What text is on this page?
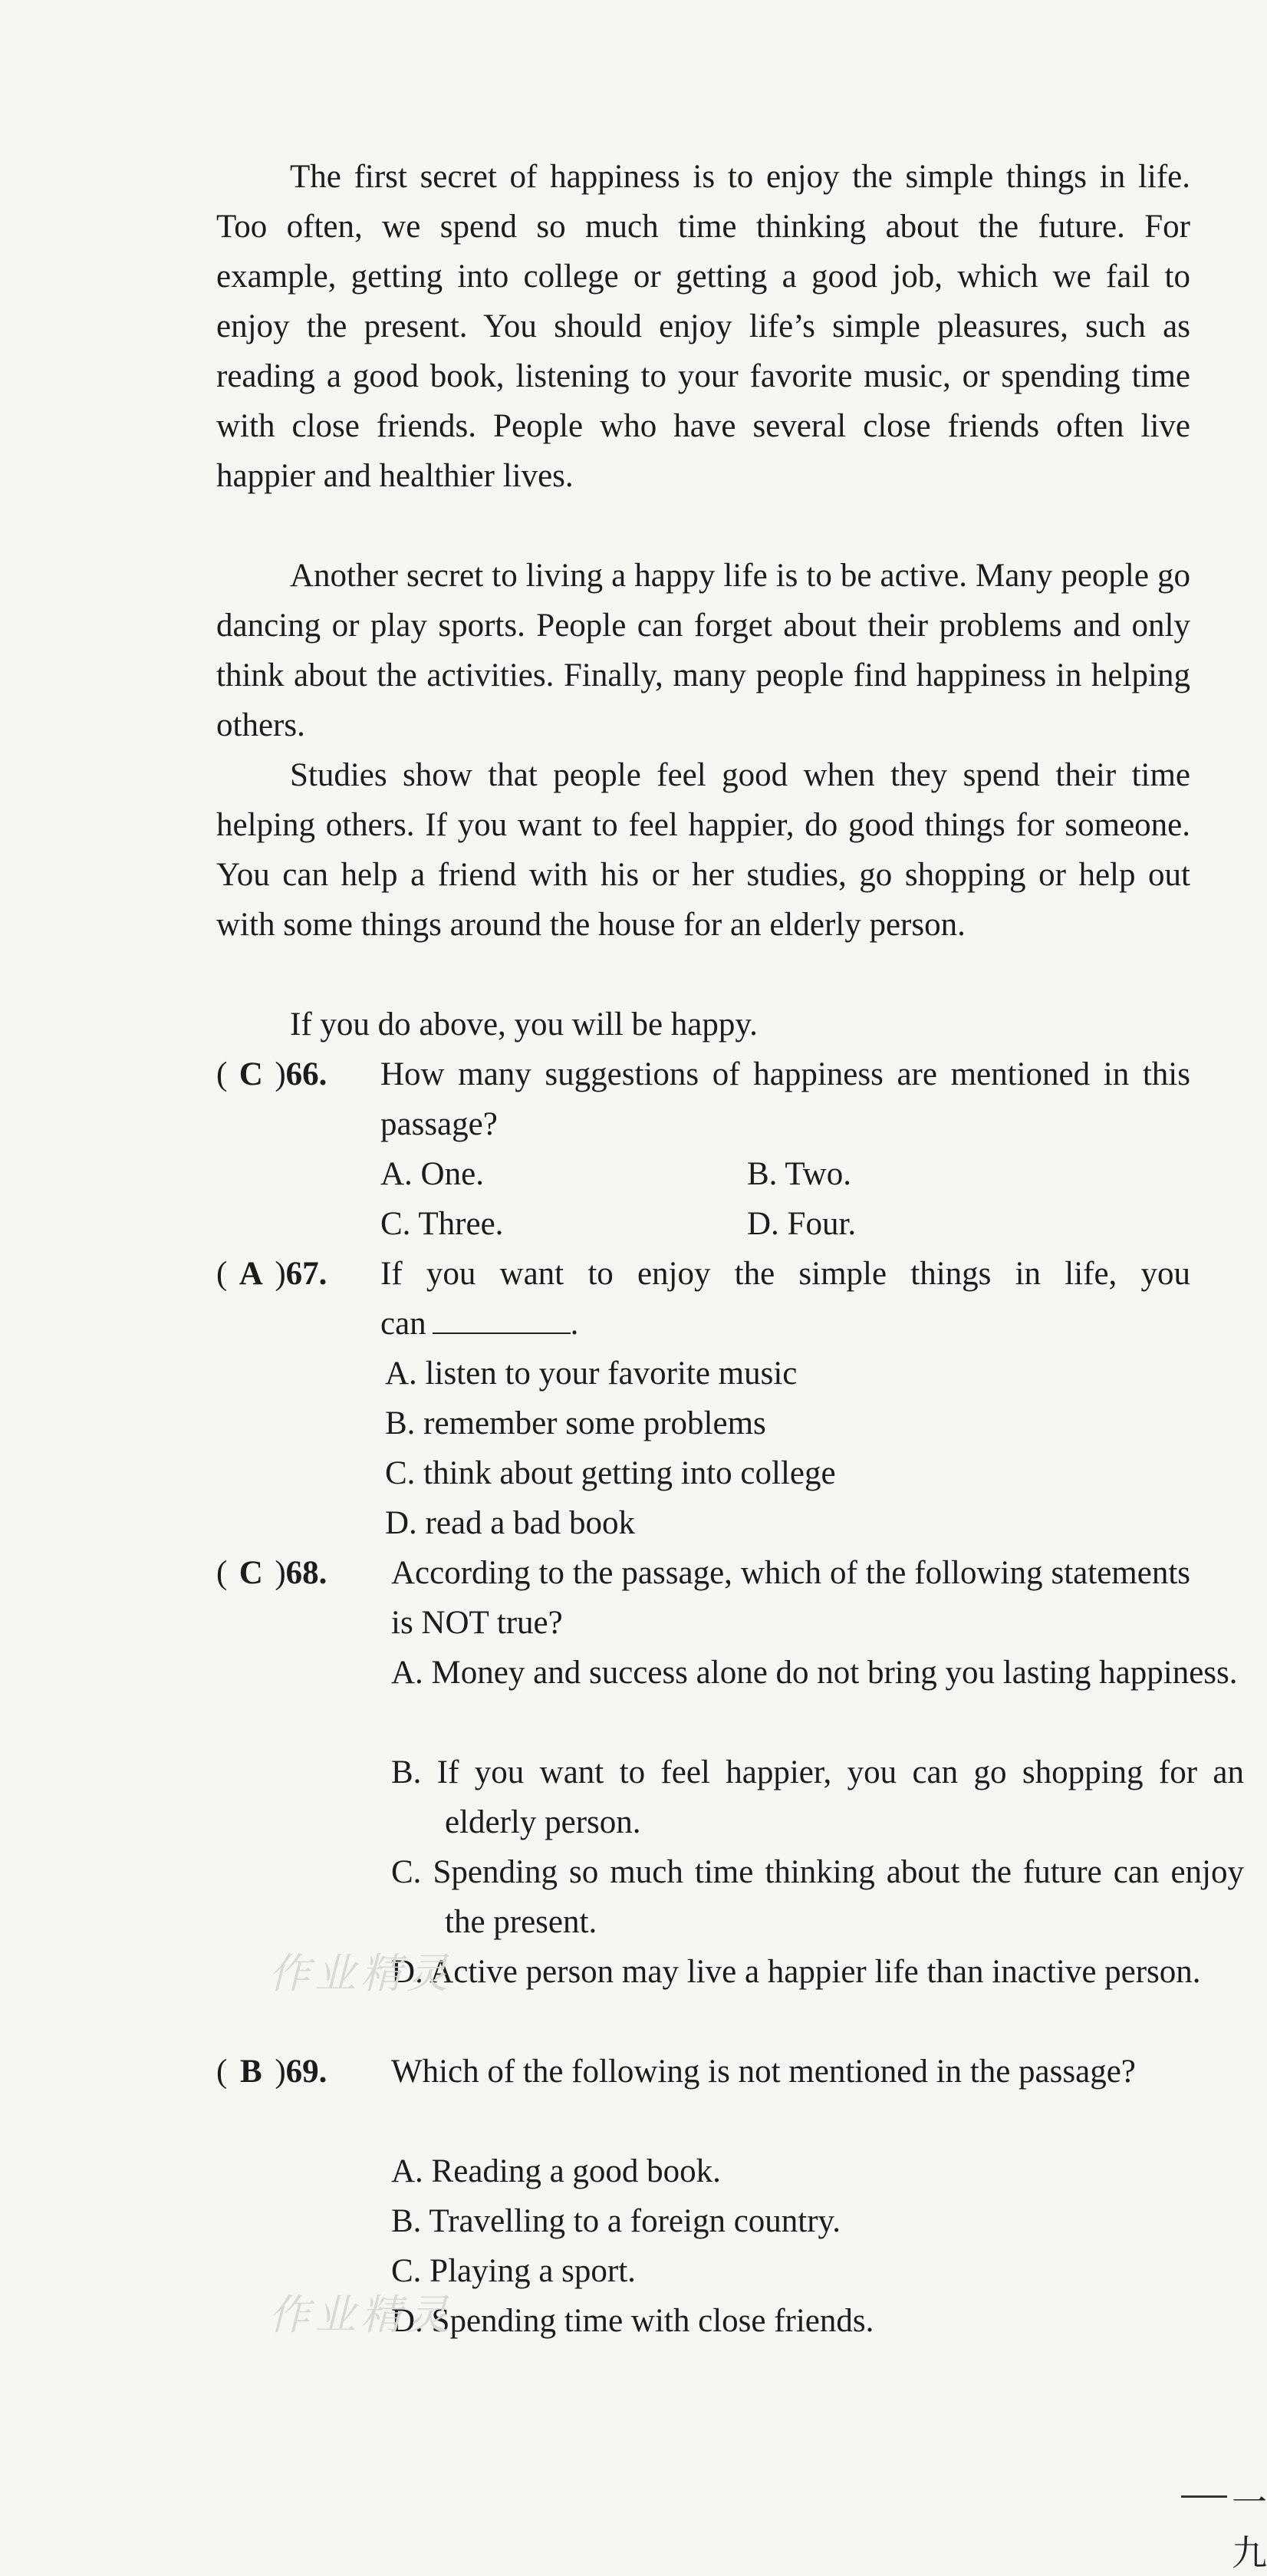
The first secret of happiness is to enjoy the simple things in life. Too often, we spend so much time thinking about the future. For example, getting into college or getting a good job, which we fail to enjoy the present. You should enjoy life’s simple pleasures, such as reading a good book, listening to your favorite music, or spending time with close friends. People who have several close friends often live happier and healthier lives.

Another secret to living a happy life is to be active. Many people go dancing or play sports. People can forget about their problems and only think about the activities. Finally, many people find happiness in helping others.

Studies show that people feel good when they spend their time helping others. If you want to feel happier, do good things for someone. You can help a friend with his or her studies, go shopping or help out with some things around the house for an elderly person.

If you do above, you will be happy.

( C )66. How many suggestions of happiness are mentioned in this passage?
A. One.	B. Two.
C. Three.	D. Four.
( A )67. If you want to enjoy the simple things in life, you
can	.
A. listen to your favorite music
B. remember some problems
C. think about getting into college
D. read a bad book
( C )68. According to the passage, which of the following statements is NOT true?
A. Money and success alone do not bring you lasting happiness.
B. If you want to feel happier, you can go shopping for an elderly person.
C. Spending so much time thinking about the future can enjoy the present.
D. Active person may live a happier life than inactive person.
( B )69. Which of the following is not mentioned in the passage?
A. Reading a good book.
B. Travelling to a foreign country.
C. Playing a sport.
D. Spending time with close friends.
作业精灵
作业精灵
一九
